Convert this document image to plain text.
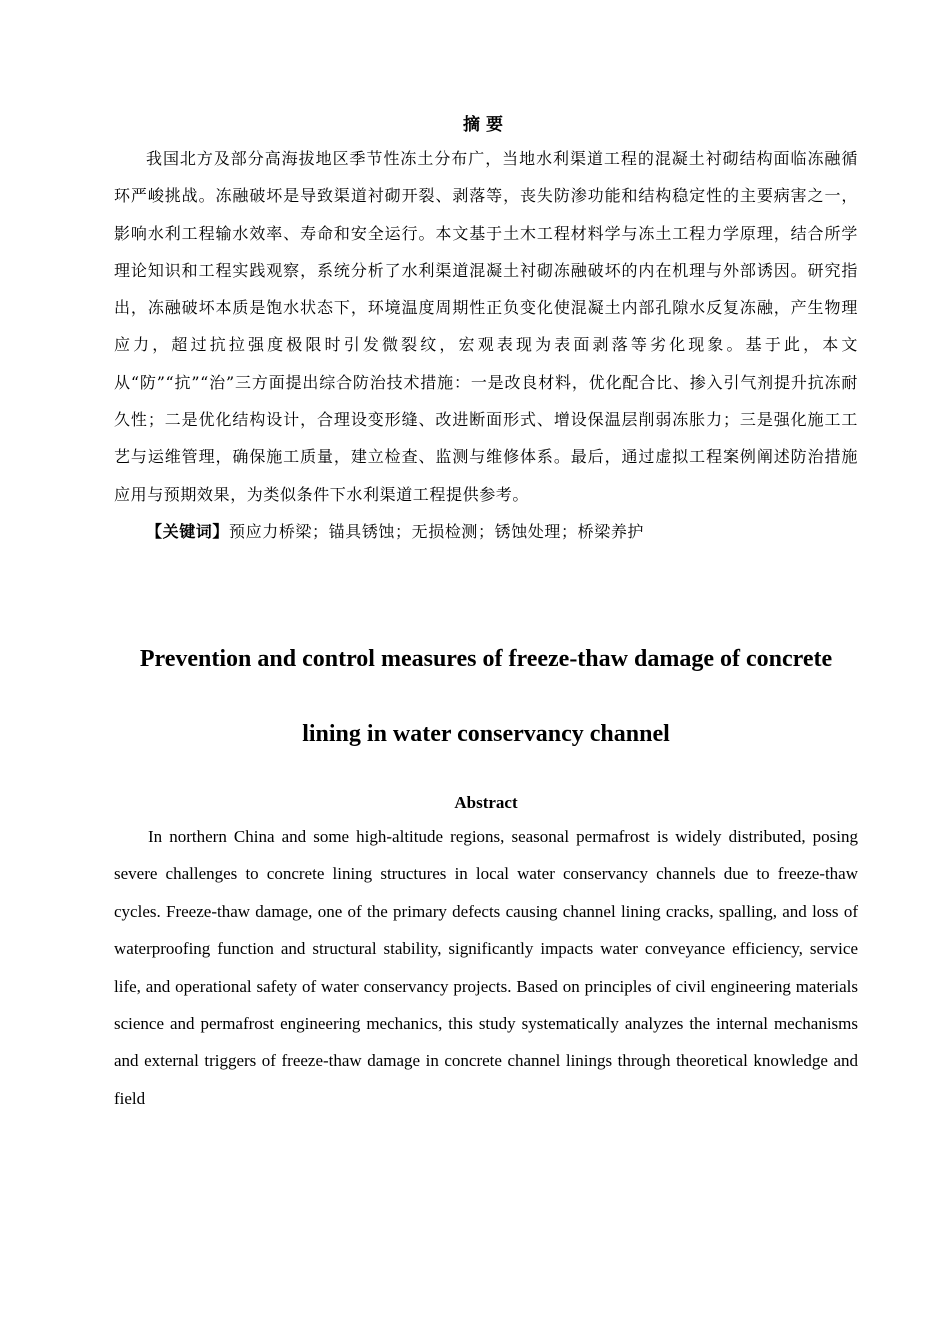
摘要

我国北方及部分高海拔地区季节性冻土分布广，当地水利渠道工程的混凝土衬砌结构面临冻融循环严峻挑战。冻融破坏是导致渠道衬砌开裂、剥落等，丧失防渗功能和结构稳定性的主要病害之一，影响水利工程输水效率、寿命和安全运行。本文基于土木工程材料学与冻土工程力学原理，结合所学理论知识和工程实践观察，系统分析了水利渠道混凝土衬砌冻融破坏的内在机理与外部诱因。研究指出，冻融破坏本质是饱水状态下，环境温度周期性正负变化使混凝土内部孔隙水反复冻融，产生物理应力，超过抗拉强度极限时引发微裂纹，宏观表现为表面剥落等劣化现象。基于此，本文从“防”“抗”“治”三方面提出综合防治技术措施：一是改良材料，优化配合比、掺入引气剂提升抗冻耐久性；二是优化结构设计，合理设变形缝、改进断面形式、增设保温层削弱冻胀力；三是强化施工工艺与运维管理，确保施工质量，建立检查、监测与维修体系。最后，通过虚拟工程案例阐述防治措施应用与预期效果，为类似条件下水利渠道工程提供参考。

【关键词】预应力桥梁；锚具锈蚀；无损检测；锈蚀处理；桥梁养护

Prevention and control measures of freeze-thaw damage of concrete
lining in water conservancy channel
Abstract

In northern China and some high-altitude regions, seasonal permafrost is widely distributed, posing severe challenges to concrete lining structures in local water conservancy channels due to freeze-thaw cycles. Freeze-thaw damage, one of the primary defects causing channel lining cracks, spalling, and loss of waterproofing function and structural stability, significantly impacts water conveyance efficiency, service life, and operational safety of water conservancy projects. Based on principles of civil engineering materials science and permafrost engineering mechanics, this study systematically analyzes the internal mechanisms and external triggers of freeze-thaw damage in concrete channel linings through theoretical knowledge and field
